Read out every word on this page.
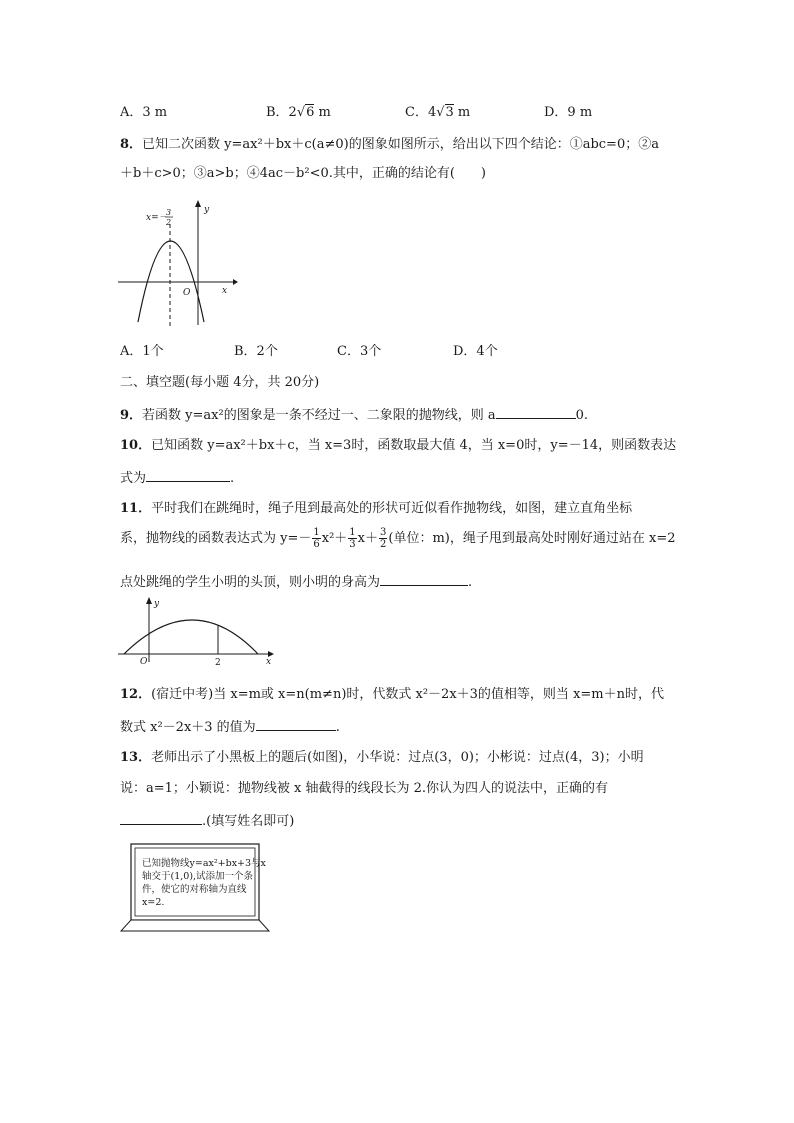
A．3 m	B．2√6 m	C．4√3 m	D．9 m
8．已知二次函数 y=ax²＋bx＋c(a≠0)的图象如图所示，给出以下四个结论：①abc=0；②a
＋b＋c>0；③a>b；④4ac－b²<0.其中，正确的结论有(　　)
x=－
3
2
y
x
O
A．1个	B．2个	C．3个	D．4个
二、填空题(每小题 4分，共 20分)
9．若函数 y=ax²的图象是一条不经过一、二象限的抛物线，则 a	0.
10．已知函数 y=ax²＋bx＋c，当 x=3时，函数取最大值 4，当 x=0时，y=－14，则函数表达
式为	.
11．平时我们在跳绳时，绳子甩到最高处的形状可近似看作抛物线，如图，建立直角坐标
系，抛物线的函数表达式为 $y=- \frac{1}{6} x^2+ \frac{1}{3} x+ \frac{3}{2}$ (单位：m)，绳子甩到最高处时刚好通过站在 x=2
点处跳绳的学生小明的头顶，则小明的身高为	.
y
x
O	2
12．(宿迁中考)当 x=m或 x=n(m≠n)时，代数式 x²－2x＋3的值相等，则当 x=m＋n时，代
数式 x²－2x＋3 的值为	.
13．老师出示了小黑板上的题后(如图)，小华说：过点(3，0)；小彬说：过点(4，3)；小明
说：a=1；小颖说：抛物线被 x 轴截得的线段长为 2.你认为四人的说法中，正确的有
.(填写姓名即可)
已知抛物线y=ax²+bx+3与x轴交于(1,0),试添加一个条件，使它的对称轴为直线x=2.
